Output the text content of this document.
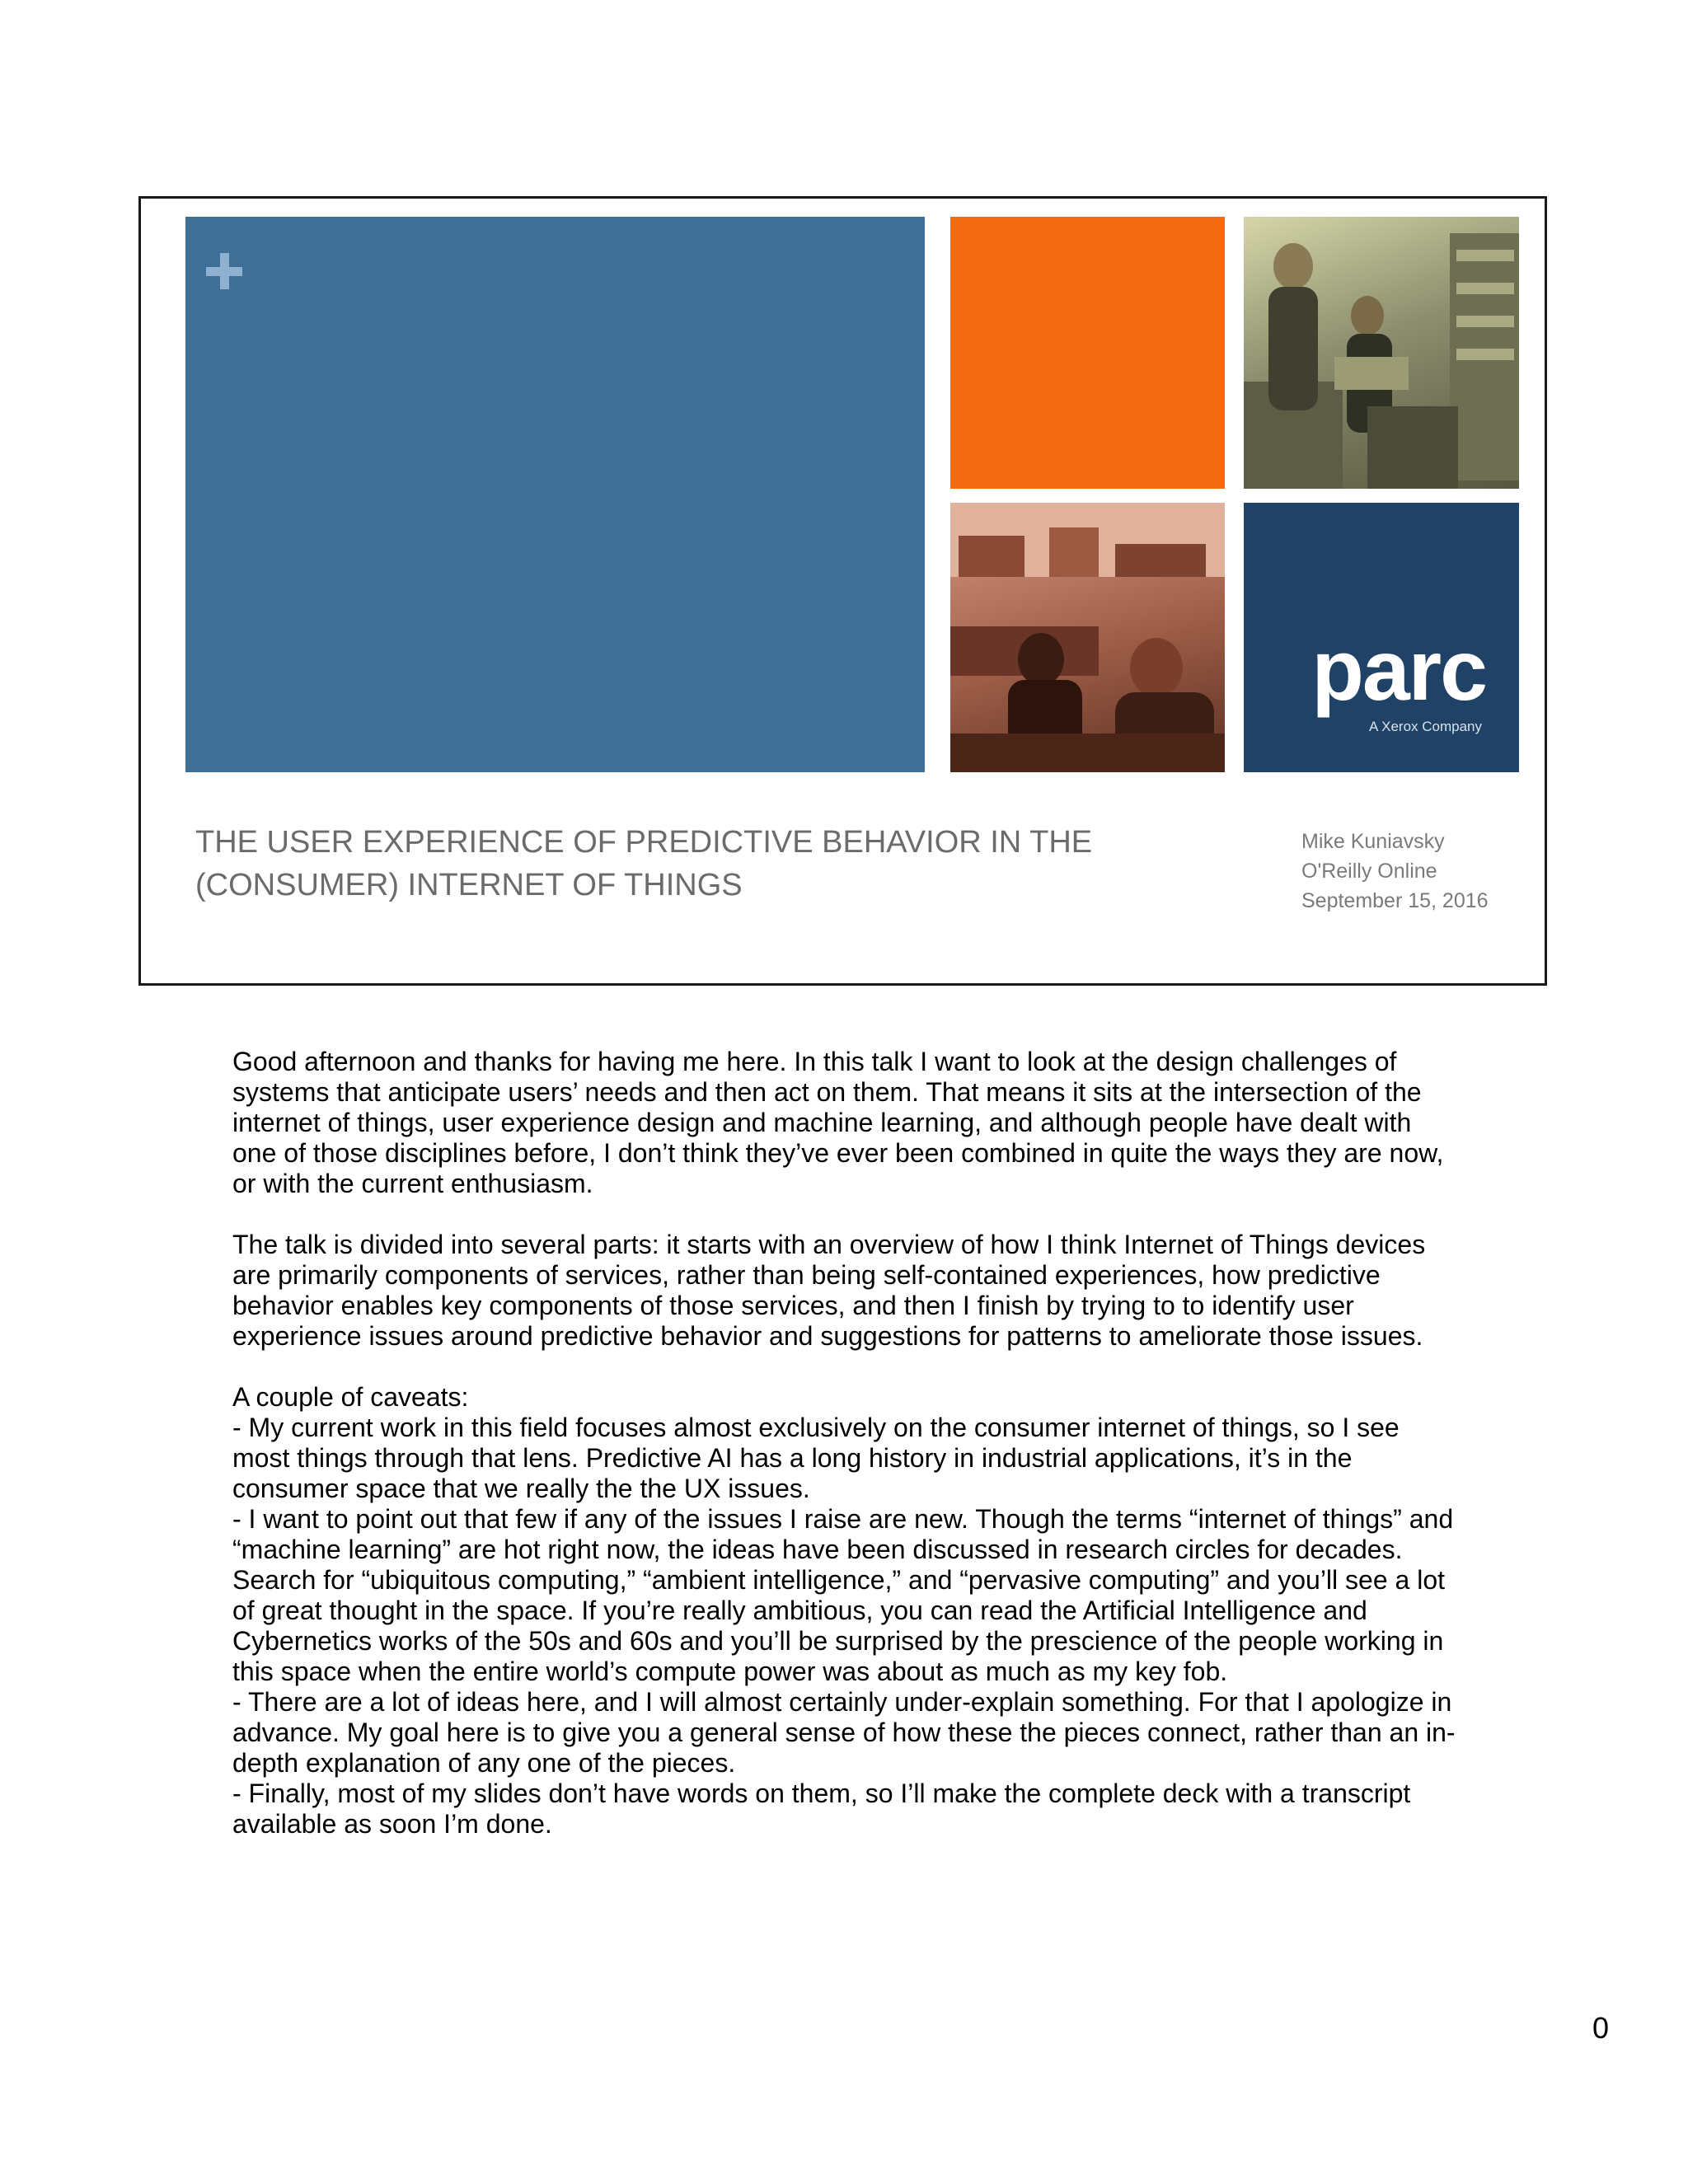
parc
A Xerox Company
THE USER EXPERIENCE OF PREDICTIVE BEHAVIOR IN THE
(CONSUMER) INTERNET OF THINGS
Mike Kuniavsky
O'Reilly Online
September 15, 2016

Good afternoon and thanks for having me here. In this talk I want to look at the design challenges of systems that anticipate users’ needs and then act on them. That means it sits at the intersection of the internet of things, user experience design and machine learning, and although people have dealt with one of those disciplines before, I don’t think they’ve ever been combined in quite the ways they are now, or with the current enthusiasm.

The talk is divided into several parts: it starts with an overview of how I think Internet of Things devices are primarily components of services, rather than being self-contained experiences, how predictive behavior enables key components of those services, and then I finish by trying to to identify user experience issues around predictive behavior and suggestions for patterns to ameliorate those issues.

A couple of caveats:
- My current work in this field focuses almost exclusively on the consumer internet of things, so I see most things through that lens. Predictive AI has a long history in industrial applications, it’s in the consumer space that we really the the UX issues.
- I want to point out that few if any of the issues I raise are new. Though the terms “internet of things” and “machine learning” are hot right now, the ideas have been discussed in research circles for decades. Search for “ubiquitous computing,” “ambient intelligence,” and “pervasive computing” and you’ll see a lot of great thought in the space. If you’re really ambitious, you can read the Artificial Intelligence and Cybernetics works of the 50s and 60s and you’ll be surprised by the prescience of the people working in this space when the entire world’s compute power was about as much as my key fob.
- There are a lot of ideas here, and I will almost certainly under-explain something. For that I apologize in advance. My goal here is to give you a general sense of how these the pieces connect, rather than an in-depth explanation of any one of the pieces.
- Finally, most of my slides don’t have words on them, so I’ll make the complete deck with a transcript available as soon I’m done.
0
